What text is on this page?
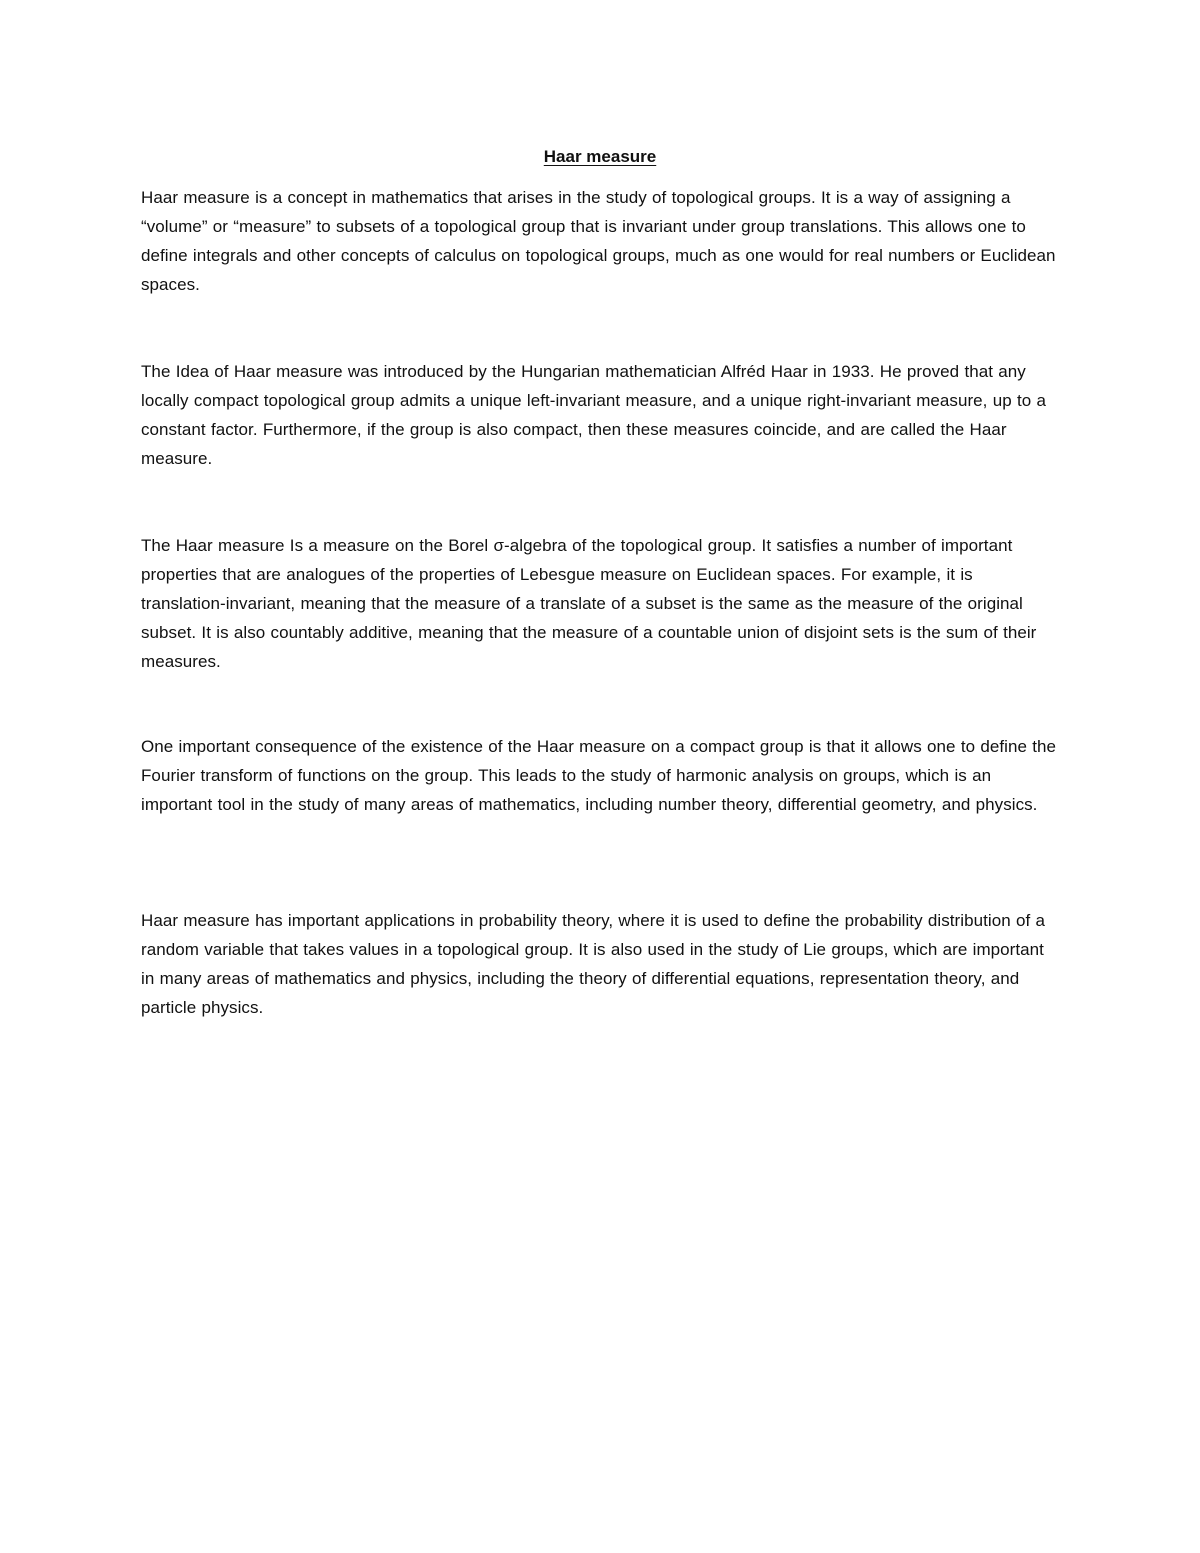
Haar measure

Haar measure is a concept in mathematics that arises in the study of topological groups. It is a way of assigning a “volume” or “measure” to subsets of a topological group that is invariant under group translations. This allows one to define integrals and other concepts of calculus on topological groups, much as one would for real numbers or Euclidean spaces.

The Idea of Haar measure was introduced by the Hungarian mathematician Alfréd Haar in 1933. He proved that any locally compact topological group admits a unique left-invariant measure, and a unique right-invariant measure, up to a constant factor. Furthermore, if the group is also compact, then these measures coincide, and are called the Haar measure.

The Haar measure Is a measure on the Borel σ-algebra of the topological group. It satisfies a number of important properties that are analogues of the properties of Lebesgue measure on Euclidean spaces. For example, it is translation-invariant, meaning that the measure of a translate of a subset is the same as the measure of the original subset. It is also countably additive, meaning that the measure of a countable union of disjoint sets is the sum of their measures.

One important consequence of the existence of the Haar measure on a compact group is that it allows one to define the Fourier transform of functions on the group. This leads to the study of harmonic analysis on groups, which is an important tool in the study of many areas of mathematics, including number theory, differential geometry, and physics.

Haar measure has important applications in probability theory, where it is used to define the probability distribution of a random variable that takes values in a topological group. It is also used in the study of Lie groups, which are important in many areas of mathematics and physics, including the theory of differential equations, representation theory, and particle physics.
